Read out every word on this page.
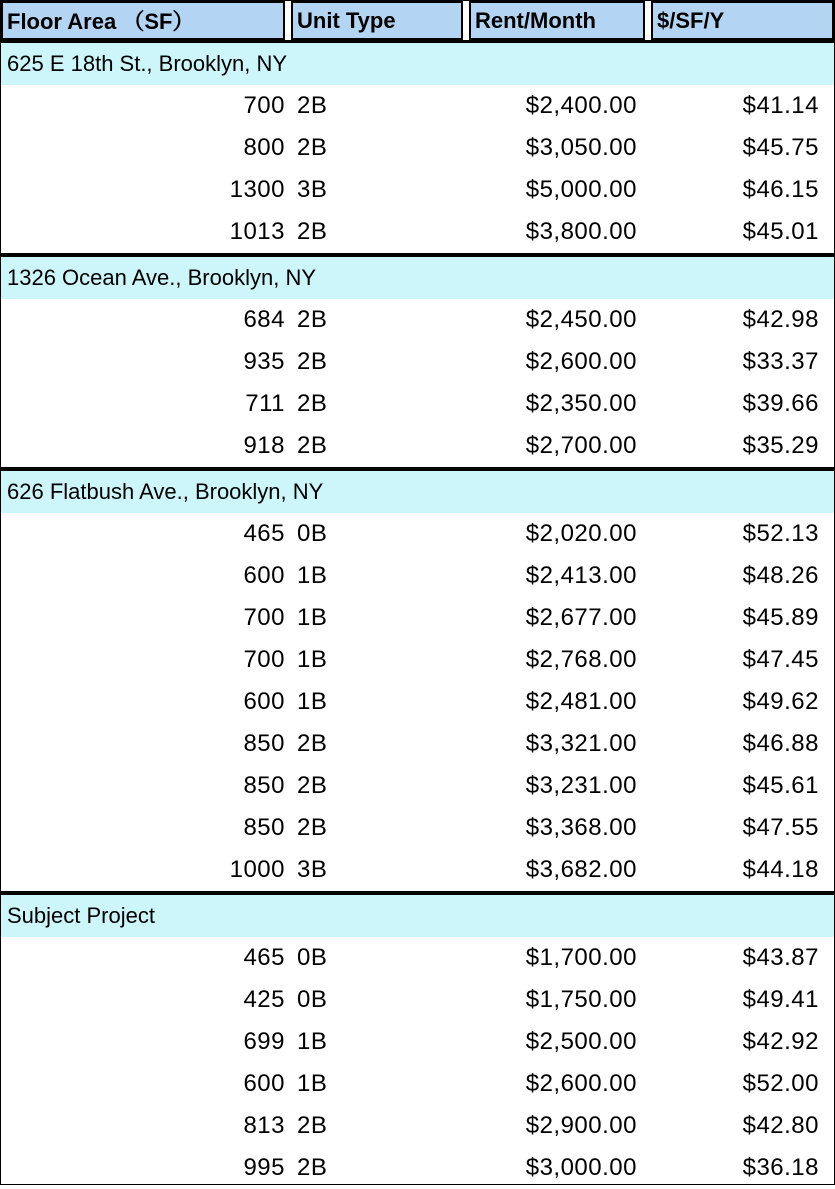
Floor Area （SF）	Unit Type	Rent/Month	$/SF/Y
625 E 18th St., Brooklyn, NY
700 2B	$2,400.00	$41.14
800 2B	$3,050.00	$45.75
1300 3B	$5,000.00	$46.15
1013 2B	$3,800.00	$45.01
1326 Ocean Ave., Brooklyn, NY
684 2B	$2,450.00	$42.98
935 2B	$2,600.00	$33.37
711 2B	$2,350.00	$39.66
918 2B	$2,700.00	$35.29
626 Flatbush Ave., Brooklyn, NY
465 0B	$2,020.00	$52.13
600 1B	$2,413.00	$48.26
700 1B	$2,677.00	$45.89
700 1B	$2,768.00	$47.45
600 1B	$2,481.00	$49.62
850 2B	$3,321.00	$46.88
850 2B	$3,231.00	$45.61
850 2B	$3,368.00	$47.55
1000 3B	$3,682.00	$44.18
Subject Project
465 0B	$1,700.00	$43.87
425 0B	$1,750.00	$49.41
699 1B	$2,500.00	$42.92
600 1B	$2,600.00	$52.00
813 2B	$2,900.00	$42.80
995 2B	$3,000.00	$36.18
